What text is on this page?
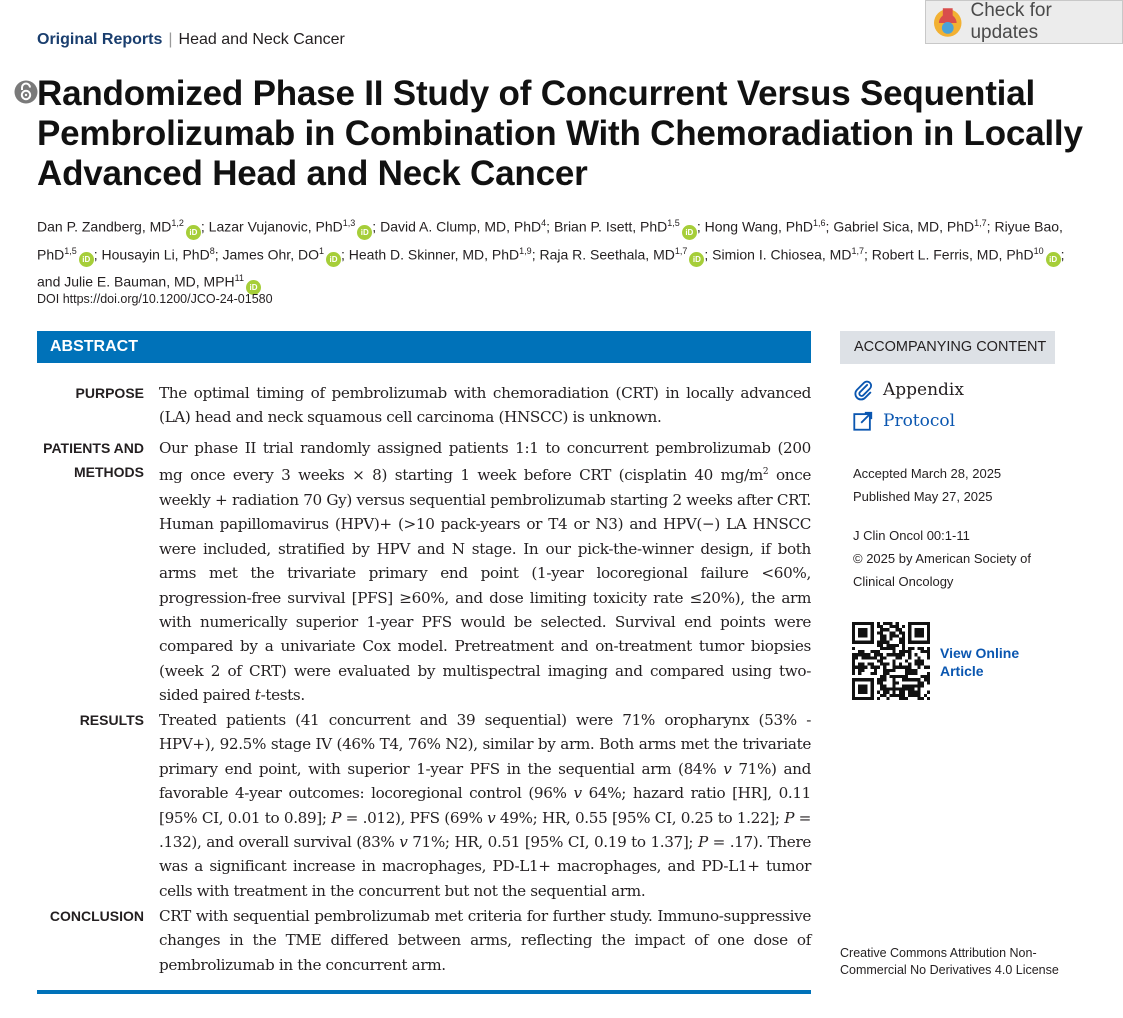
Original Reports | Head and Neck Cancer
Check for updates
Randomized Phase II Study of Concurrent Versus Sequential Pembrolizumab in Combination With Chemoradiation in Locally Advanced Head and Neck Cancer
Dan P. Zandberg, MD$^{1,2}$iD ; Lazar Vujanovic, PhD$^{1,3}$iD ; David A. Clump, MD, PhD$^4$; Brian P. Isett, PhD$^{1,5}$iD ; Hong Wang, PhD$^{1,6}$; Gabriel Sica, MD, PhD$^{1,7}$; Riyue Bao, PhD$^{1,5}$iD ; Housayin Li, PhD$^8$; James Ohr, $DO^1iD$ ; Heath D. Skinner, MD, PhD$^{1,9}$; Raja R. Seethala, MD$^{1,7}$iD ; Simion I. Chiosea, MD$^{1,7}$; Robert L. Ferris, MD, PhD$^{10}$iD ; and Julie E. Bauman, MD, MPH$^{11}$iD
DOI https://doi.org/10.1200/JCO-24-01580
ABSTRACT
PURPOSE The optimal timing of pembrolizumab with chemoradiation (CRT) in locally advanced (LA) head and neck squamous cell carcinoma (HNSCC) is unknown.

PATIENTS AND
METHODS

Our phase II trial randomly assigned patients 1:1 to concurrent pembrolizumab (200 mg once every 3 weeks × 8) starting 1 week before CRT (cisplatin 40 $mg/m^2$ once weekly + radiation 70 Gy) versus sequential pembrolizumab starting 2 weeks after CRT. Human papillomavirus (HPV)+ (>10 pack-years or T4 or N3) and HPV(−) LA HNSCC were included, stratified by HPV and N stage. In our pick-the-winner design, if both arms met the trivariate primary end point (1-year locoregional failure <60%, progression-free survival [PFS] ≥60%, and dose limiting toxicity rate ≤20%), the arm with numerically superior 1-year PFS would be selected. Survival end points were compared by a univariate Cox model. Pretreatment and on-treatment tumor biopsies (week 2 of CRT) were evaluated by multispectral imaging and compared using two-sided paired t-tests.

RESULTS Treated patients (41 concurrent and 39 sequential) were 71% oropharynx (53% -HPV+), 92.5% stage IV (46% T4, 76% N2), similar by arm. Both arms met the trivariate primary end point, with superior 1-year PFS in the sequential arm (84% v 71%) and favorable 4-year outcomes: locoregional control (96% v 64%; hazard ratio [HR], 0.11 [95% CI, 0.01 to 0.89]; P = .012), PFS (69% v 49%; HR, 0.55 [95% CI, 0.25 to 1.22]; P = .132), and overall survival (83% v 71%; HR, 0.51 [95% CI, 0.19 to 1.37]; P = .17). There was a significant increase in macrophages, PD-L1+ macrophages, and PD-L1+ tumor cells with treatment in the concurrent but not the sequential arm.

CONCLUSION CRT with sequential pembrolizumab met criteria for further study. Immuno-suppressive changes in the TME differed between arms, reflecting the impact of one dose of pembrolizumab in the concurrent arm.

ACCOMPANYING CONTENT
Appendix
Protocol
Accepted March 28, 2025
Published May 27, 2025
J Clin Oncol 00:1-11
© 2025 by American Society of Clinical Oncology
View Online Article
Creative Commons Attribution Non-Commercial No Derivatives 4.0 License
